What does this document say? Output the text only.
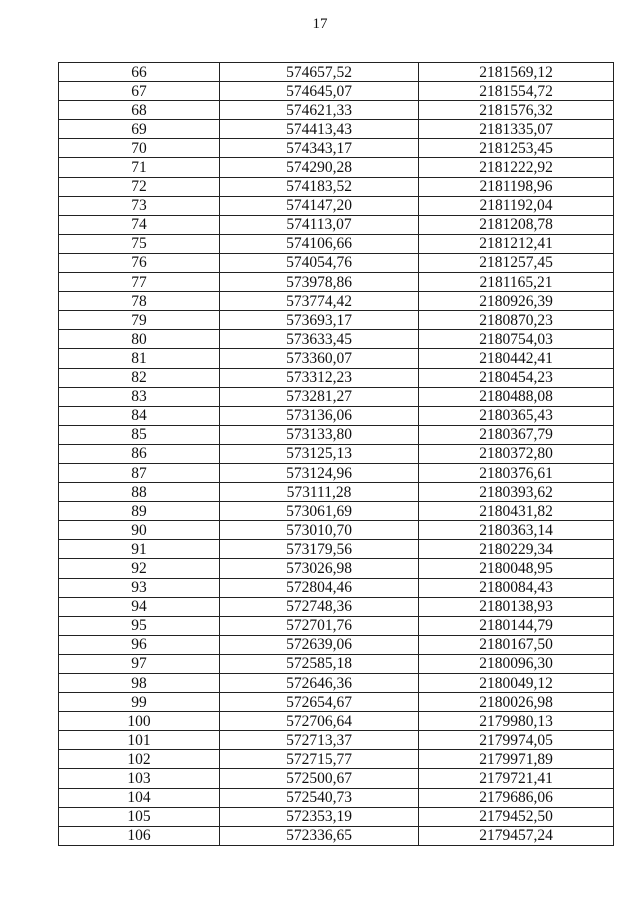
17
66	574657,52	2181569,12
67	574645,07	2181554,72
68	574621,33	2181576,32
69	574413,43	2181335,07
70	574343,17	2181253,45
71	574290,28	2181222,92
72	574183,52	2181198,96
73	574147,20	2181192,04
74	574113,07	2181208,78
75	574106,66	2181212,41
76	574054,76	2181257,45
77	573978,86	2181165,21
78	573774,42	2180926,39
79	573693,17	2180870,23
80	573633,45	2180754,03
81	573360,07	2180442,41
82	573312,23	2180454,23
83	573281,27	2180488,08
84	573136,06	2180365,43
85	573133,80	2180367,79
86	573125,13	2180372,80
87	573124,96	2180376,61
88	573111,28	2180393,62
89	573061,69	2180431,82
90	573010,70	2180363,14
91	573179,56	2180229,34
92	573026,98	2180048,95
93	572804,46	2180084,43
94	572748,36	2180138,93
95	572701,76	2180144,79
96	572639,06	2180167,50
97	572585,18	2180096,30
98	572646,36	2180049,12
99	572654,67	2180026,98
100	572706,64	2179980,13
101	572713,37	2179974,05
102	572715,77	2179971,89
103	572500,67	2179721,41
104	572540,73	2179686,06
105	572353,19	2179452,50
106	572336,65	2179457,24
